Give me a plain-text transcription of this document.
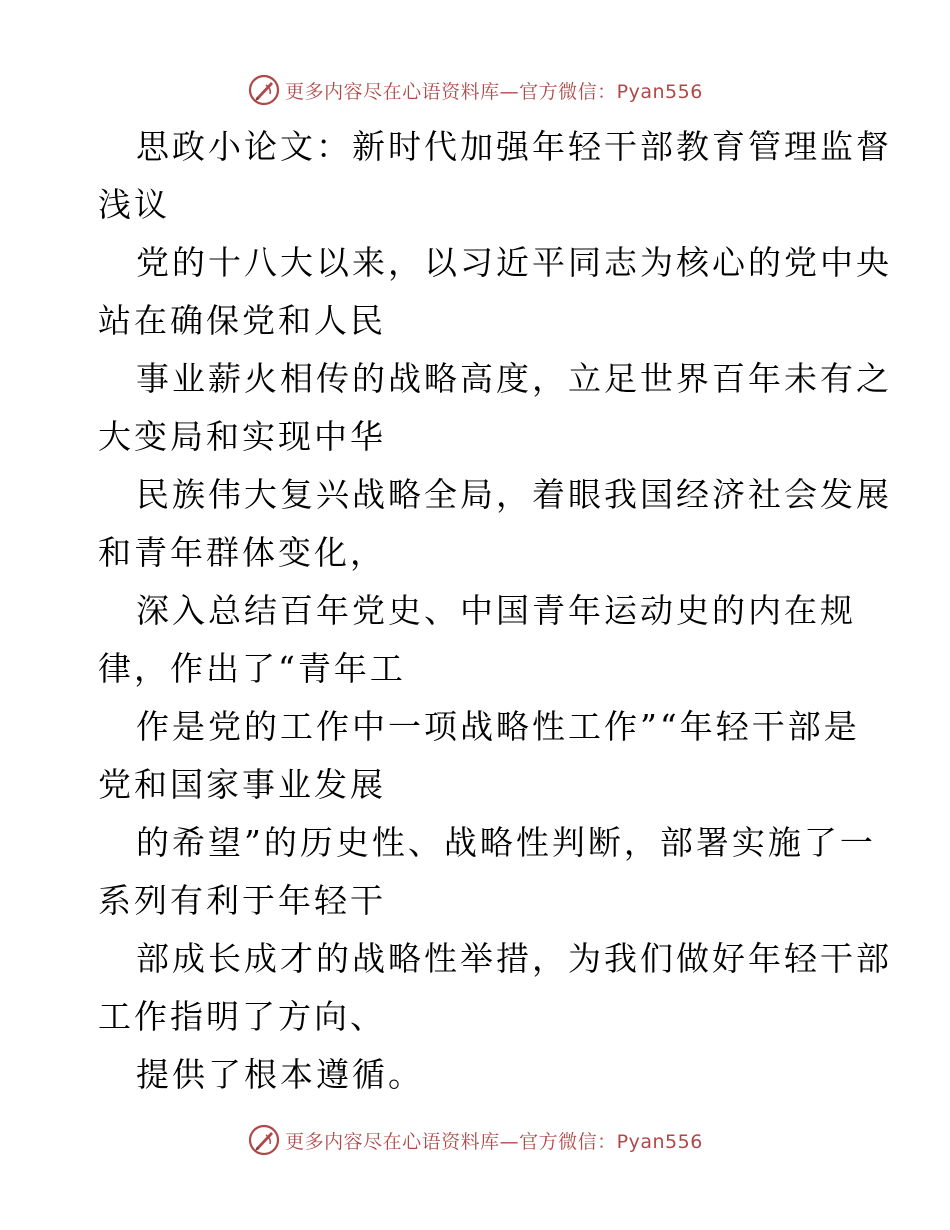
更多内容尽在心语资料库—官方微信：Pyan556
思政小论文：新时代加强年轻干部教育管理监督
浅议
党的十八大以来，以习近平同志为核心的党中央
站在确保党和人民
事业薪火相传的战略高度，立足世界百年未有之
大变局和实现中华
民族伟大复兴战略全局，着眼我国经济社会发展
和青年群体变化，
深入总结百年党史、中国青年运动史的内在规
律，作出了“青年工
作是党的工作中一项战略性工作”“年轻干部是
党和国家事业发展
的希望”的历史性、战略性判断，部署实施了一
系列有利于年轻干
部成长成才的战略性举措，为我们做好年轻干部
工作指明了方向、
提供了根本遵循。
更多内容尽在心语资料库—官方微信：Pyan556
